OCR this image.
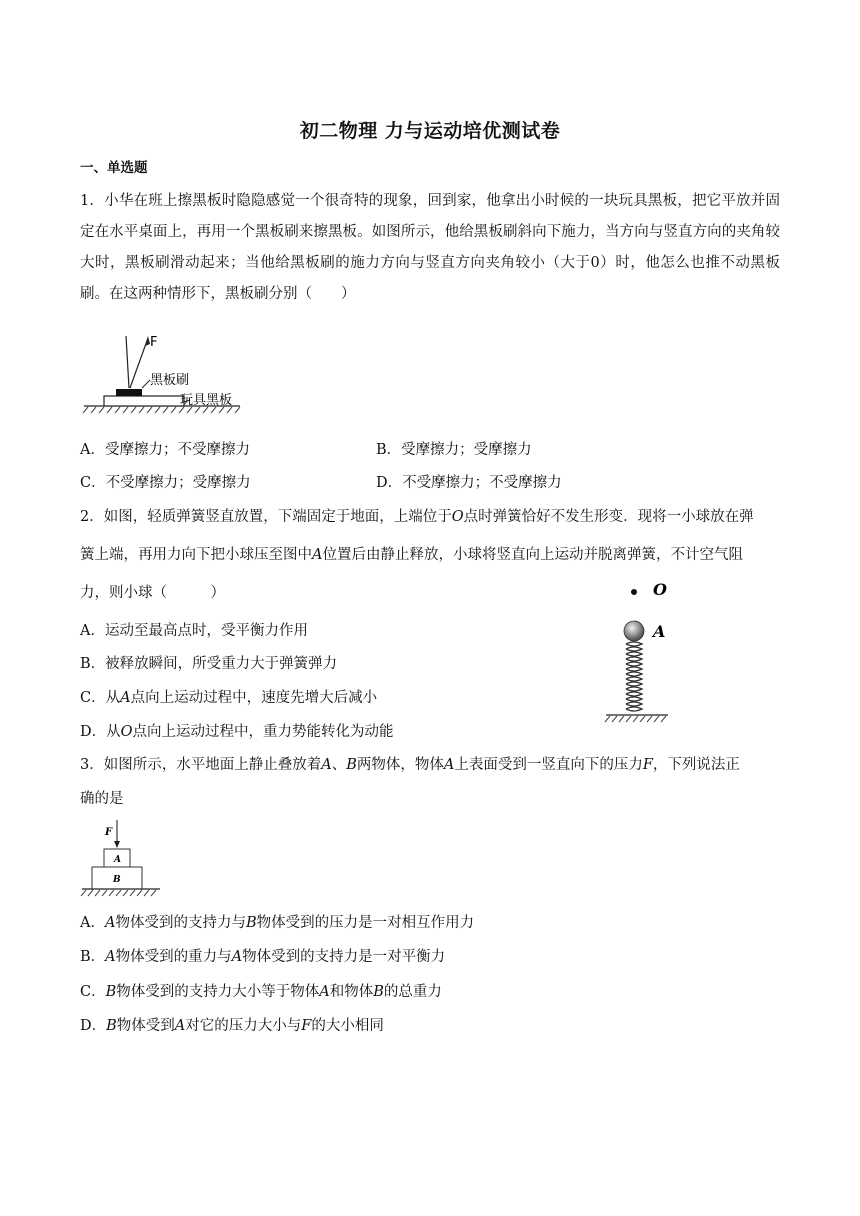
初二物理 力与运动培优测试卷
一、单选题
1．小华在班上擦黑板时隐隐感觉一个很奇特的现象，回到家，他拿出小时候的一块玩具黑板，把它平放并固定在水平桌面上，再用一个黑板刷来擦黑板。如图所示，他给黑板刷斜向下施力，当方向与竖直方向的夹角较大时，黑板刷滑动起来；当他给黑板刷的施力方向与竖直方向夹角较小（大于0）时，他怎么也推不动黑板刷。在这两种情形下，黑板刷分别（　　）
F
黑板刷
玩具黑板
A．受摩擦力；不受摩擦力	B．受摩擦力；受摩擦力
C．不受摩擦力；受摩擦力	D．不受摩擦力；不受摩擦力
2．如图，轻质弹簧竖直放置，下端固定于地面，上端位于O点时弹簧恰好不发生形变．现将一小球放在弹
簧上端，再用力向下把小球压至图中A位置后由静止释放，小球将竖直向上运动并脱离弹簧，不计空气阻
力，则小球（　　　）	O
A
A．运动至最高点时，受平衡力作用
B．被释放瞬间，所受重力大于弹簧弹力
C．从A点向上运动过程中，速度先增大后减小
D．从O点向上运动过程中，重力势能转化为动能
3．如图所示，水平地面上静止叠放着A、B两物体，物体A上表面受到一竖直向下的压力F，下列说法正
确的是
F
A
B
A．A物体受到的支持力与B物体受到的压力是一对相互作用力
B．A物体受到的重力与A物体受到的支持力是一对平衡力
C．B物体受到的支持力大小等于物体A和物体B的总重力
D．B物体受到A对它的压力大小与F的大小相同
